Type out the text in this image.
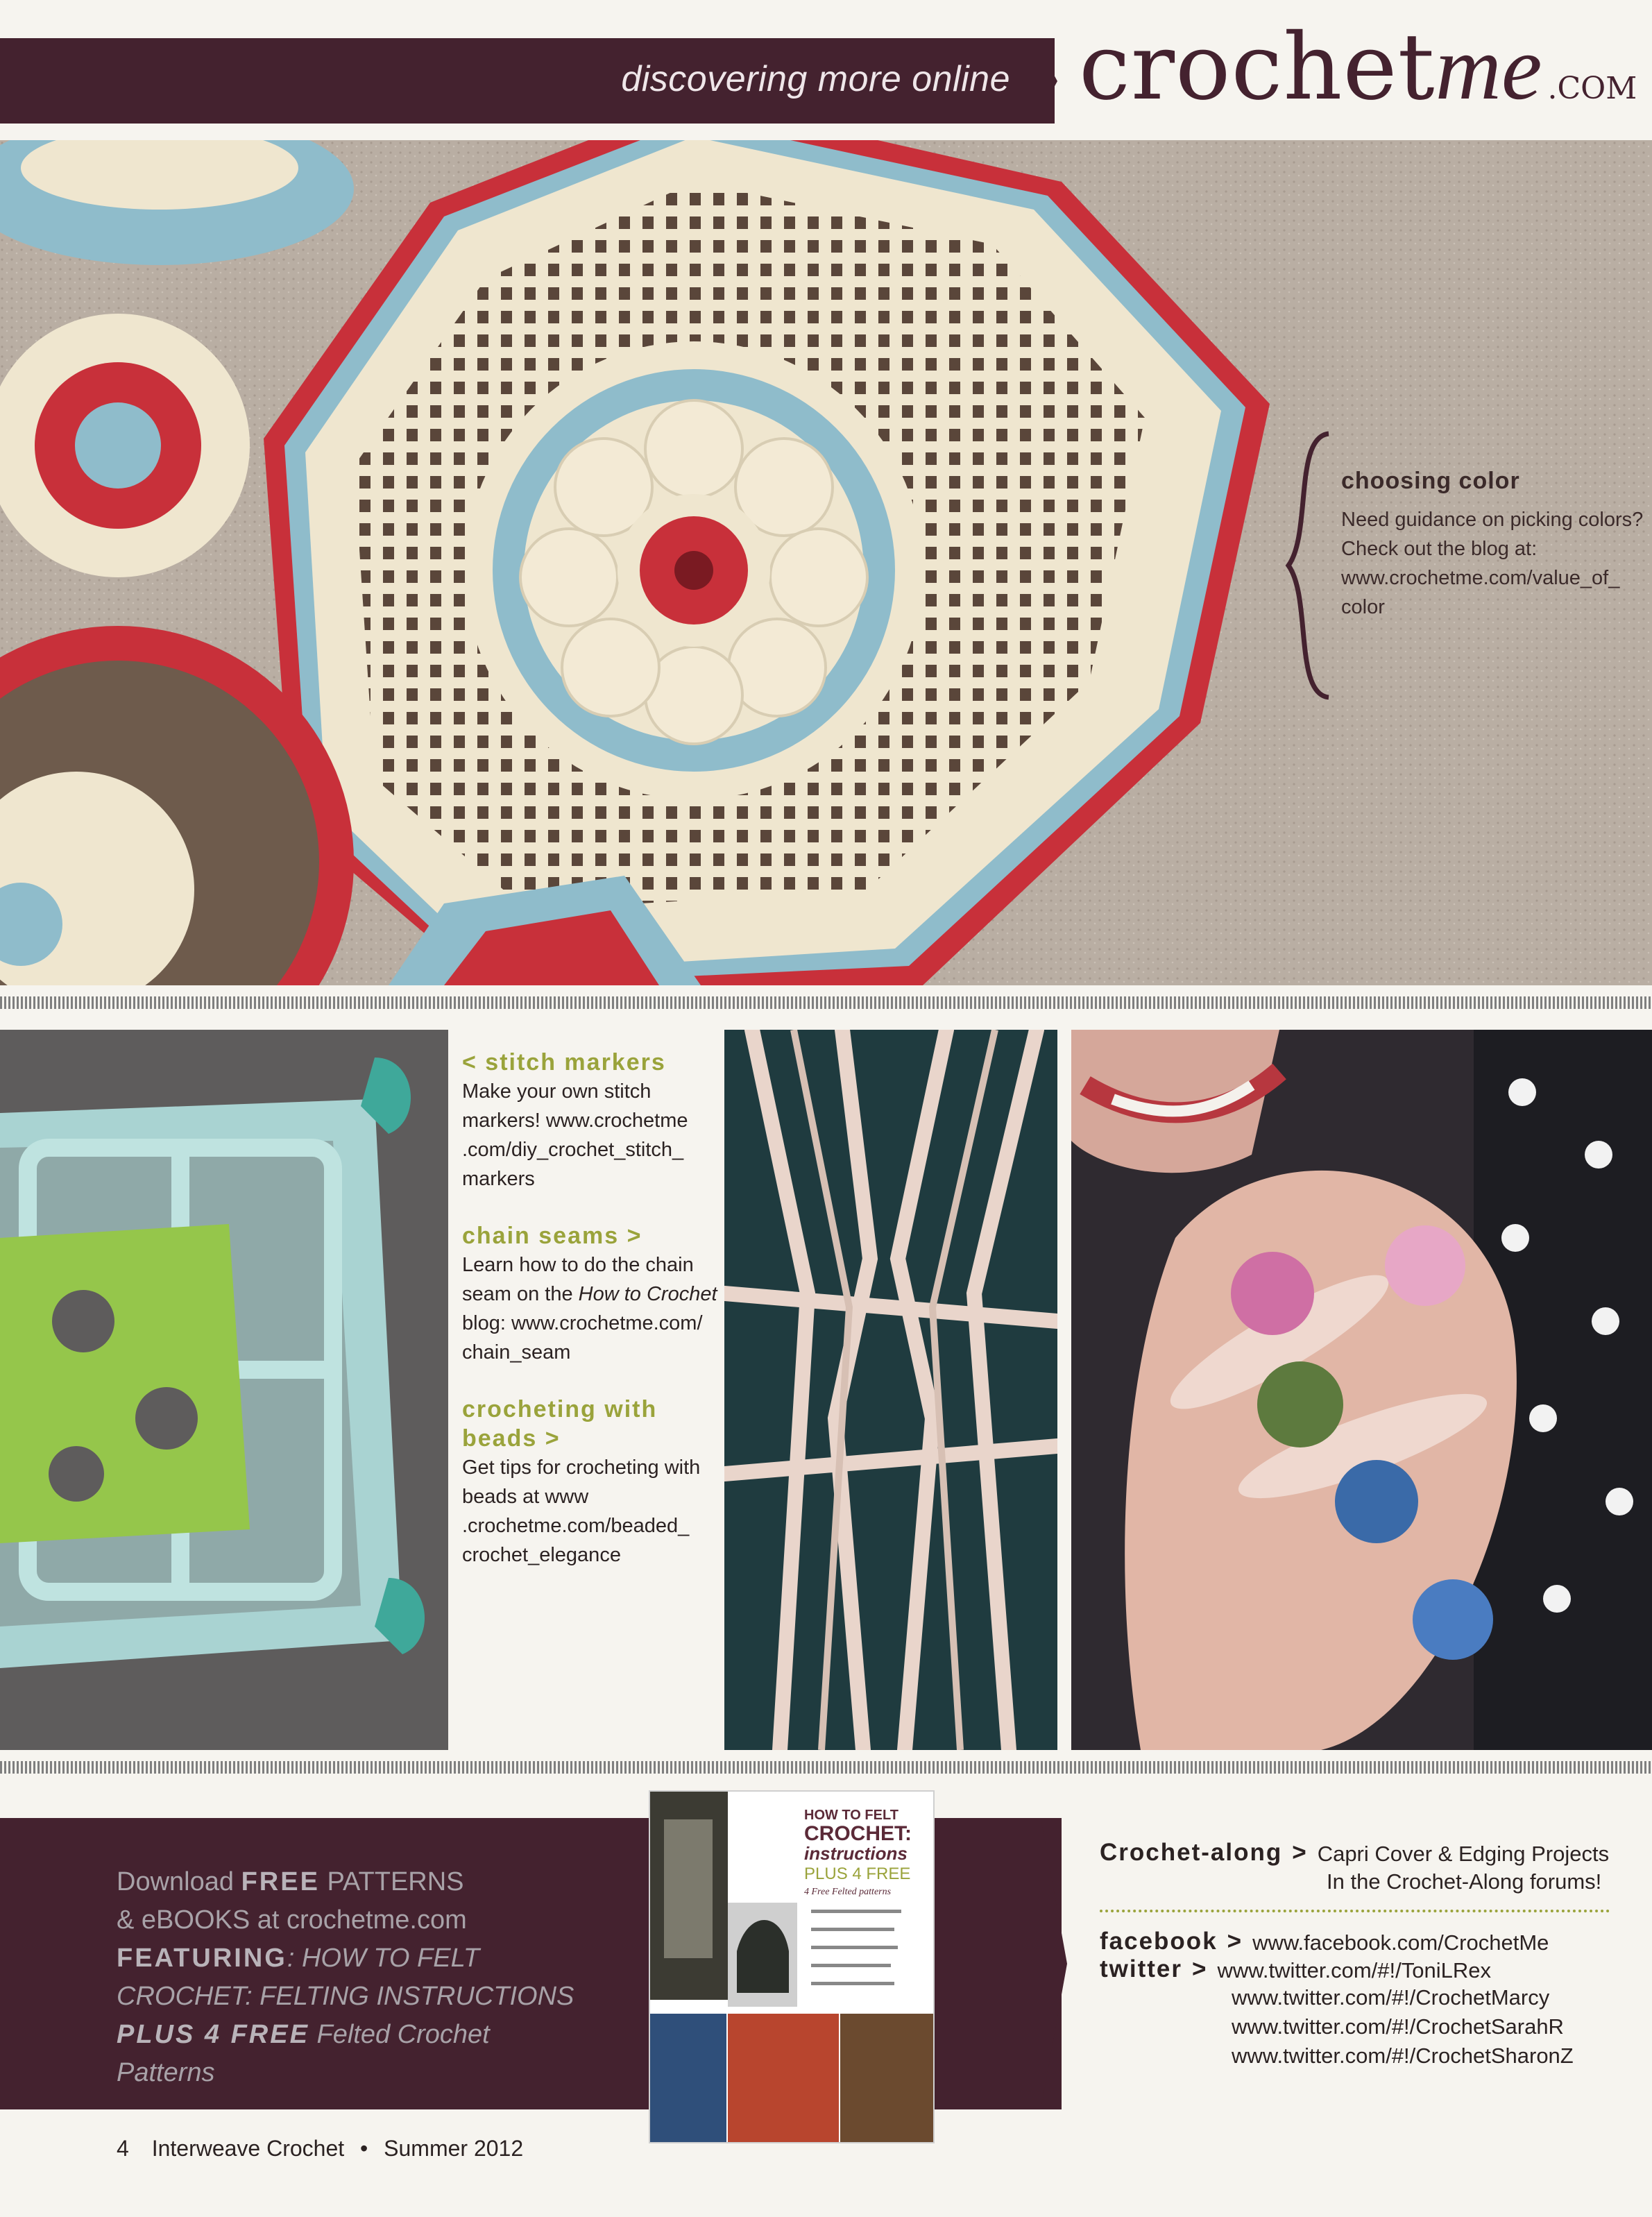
discovering more online crochet me .COM
choosing color
Need guidance on picking colors?
Check out the blog at:
www.crochetme.com/value_of_
color
< stitch markers
Make your own stitch markers! www.crochetme .com/diy_crochet_stitch_ markers
chain seams >
Learn how to do the chain seam on the How to Crochet blog: www.crochetme.com/ chain_seam
crocheting with beads >
Get tips for crocheting with beads at www .crochetme.com/beaded_ crochet_elegance
Download FREE PATTERNS
& eBOOKS at crochetme.com
FEATURING: HOW TO FELT
CROCHET: FELTING INSTRUCTIONS
PLUS 4 FREE Felted Crochet
Patterns
HOW TO FELT
CROCHET:
instructions
PLUS 4 FREE
4 Free Felted patterns
Crochet-along > Capri Cover & Edging Projects
In the Crochet-Along forums!
facebook > www.facebook.com/CrochetMe
twitter > www.twitter.com/#!/ToniLRex
www.twitter.com/#!/CrochetMarcy
www.twitter.com/#!/CrochetSarahR
www.twitter.com/#!/CrochetSharonZ
4 Interweave Crochet • Summer 2012
